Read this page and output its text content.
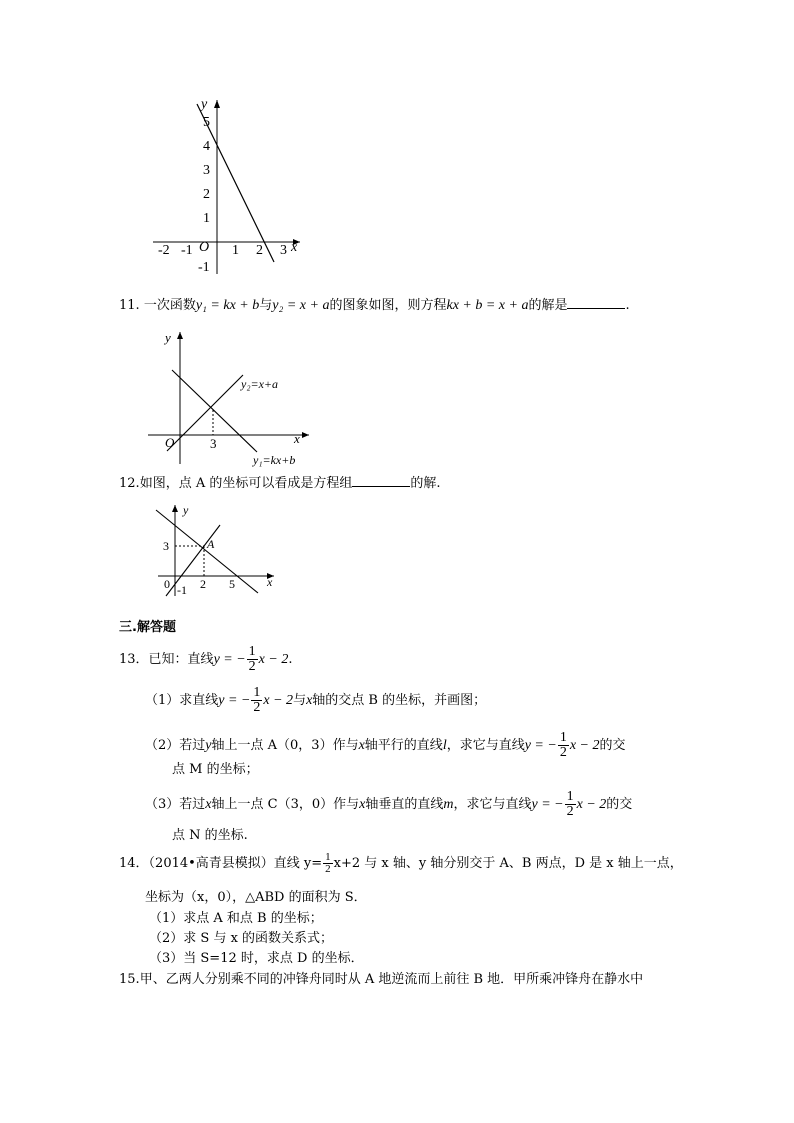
y
5
4
3
2
1
-1
-2 -1 O 1 2 3 x
11. 一次函数y₁ = kx + b与y₂ = x + a的图象如图，则方程kx + b = x + a的解是	.
y
O	3	x
y₂=x+a
y₁=kx+b
12.如图，点 A 的坐标可以看成是方程组	的解.
y
A
3
0 -1 2 5	x
三.解答题
13．已知：直线y = − $\frac{1}{2}$ x − 2.
（1）求直线y = − $\frac{1}{2}$ x − 2与x轴的交点 B 的坐标，并画图；
（2）若过y轴上一点 A（0，3）作与x轴平行的直线l，求它与直线y = − $\frac{1}{2}$ x − 2的交
点 M 的坐标；
（3）若过x轴上一点 C（3，0）作与x轴垂直的直线m，求它与直线y = − $\frac{1}{2}$ x − 2的交
点 N 的坐标.
14．（2014•高青县模拟）直线 $y= \frac{1}{2} x+2$ 与 x 轴、y 轴分别交于 A、B 两点，D 是 x 轴上一点，
坐标为（x，0），△ABD 的面积为 S．
（1）求点 A 和点 B 的坐标；
（2）求 S 与 x 的函数关系式；
（3）当 S=12 时，求点 D 的坐标．
15.甲、乙两人分别乘不同的冲锋舟同时从 A 地逆流而上前往 B 地．甲所乘冲锋舟在静水中
